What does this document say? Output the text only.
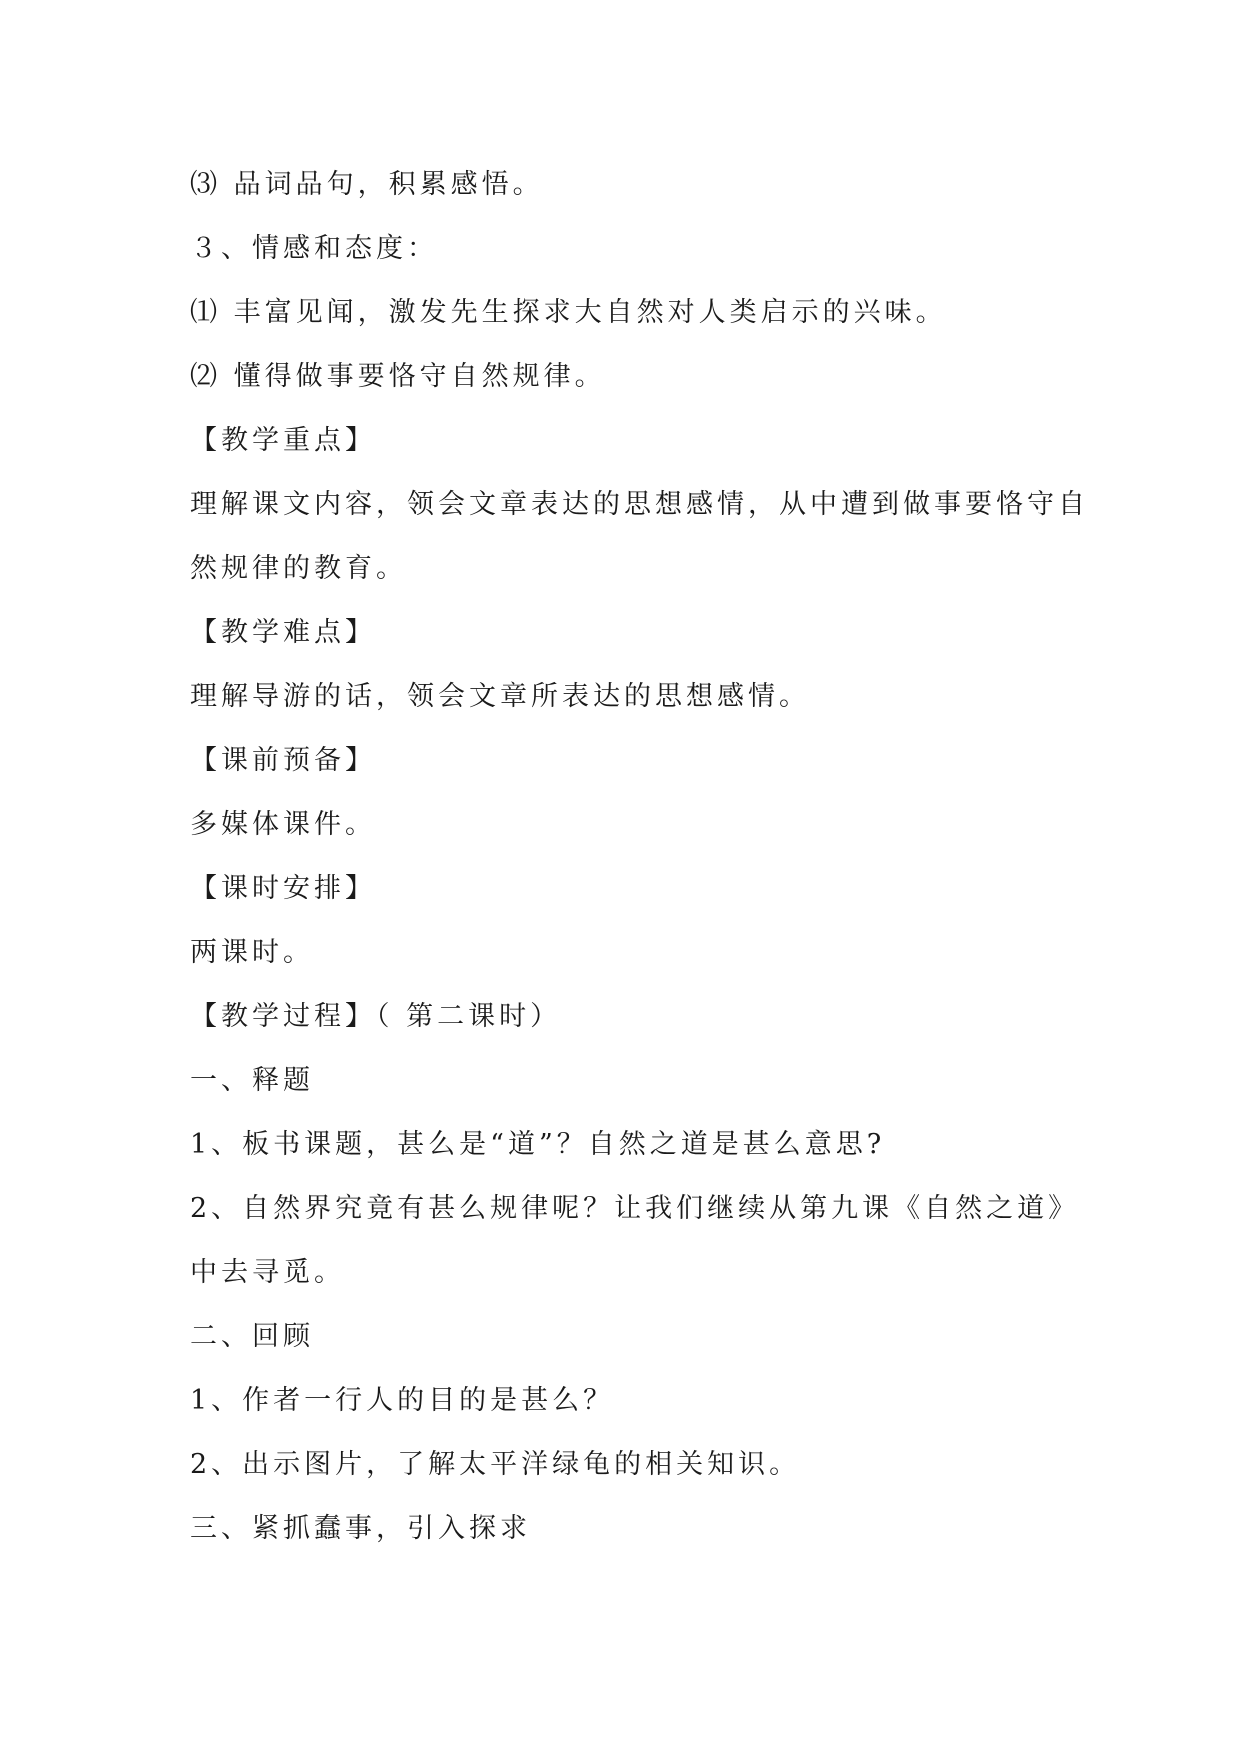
⑶ 品词品句，积累感悟。
３、情感和态度：
⑴ 丰富见闻，激发先生探求大自然对人类启示的兴味。
⑵ 懂得做事要恪守自然规律。
【教学重点】
理解课文内容，领会文章表达的思想感情，从中遭到做事要恪守自
然规律的教育。
【教学难点】
理解导游的话，领会文章所表达的思想感情。
【课前预备】
多媒体课件。
【课时安排】
两课时。
【教学过程】（ 第二课时）
一、释题
1、板书课题，甚么是“道”？自然之道是甚么意思?
2、自然界究竟有甚么规律呢？让我们继续从第九课《自然之道》
中去寻觅。
二、回顾
1、作者一行人的目的是甚么？
2、出示图片，了解太平洋绿龟的相关知识。
三、紧抓蠢事，引入探求
